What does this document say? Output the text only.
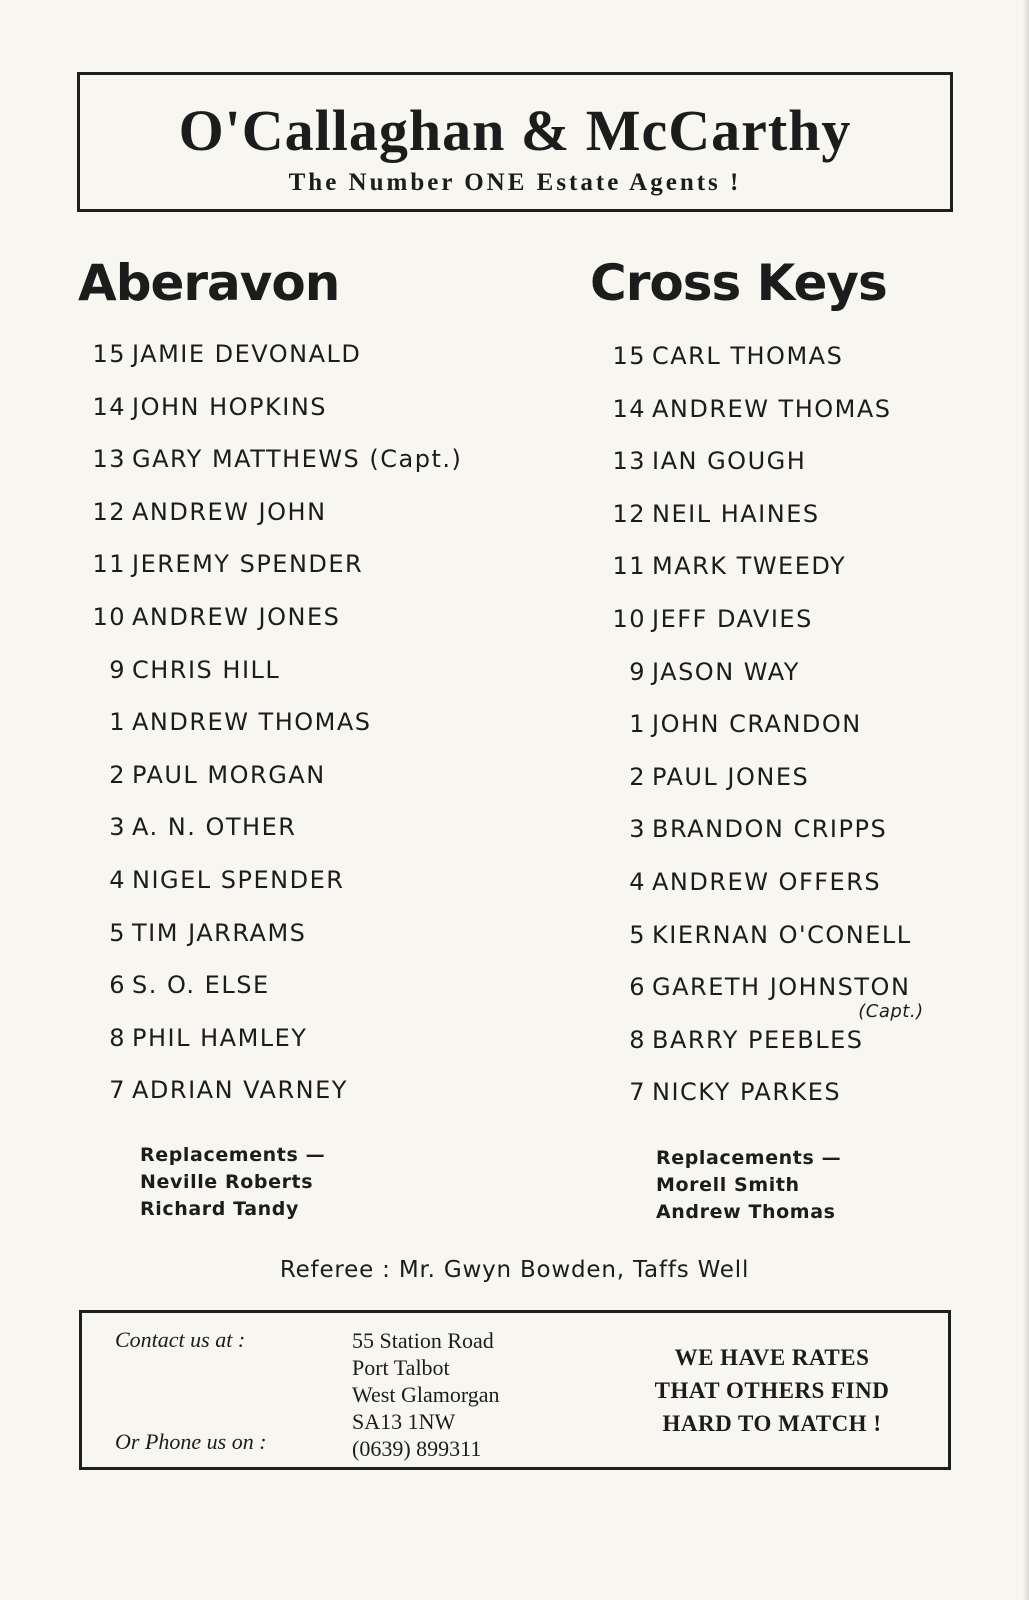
O'Callaghan & McCarthy
The Number ONE Estate Agents !
Aberavon	Cross Keys
15 JAMIE DEVONALD
14 JOHN HOPKINS
13 GARY MATTHEWS (Capt.)
12 ANDREW JOHN
11 JEREMY SPENDER
10 ANDREW JONES
9 CHRIS HILL
1 ANDREW THOMAS
2 PAUL MORGAN
3 A. N. OTHER
4 NIGEL SPENDER
5 TIM JARRAMS
6 S. O. ELSE
8 PHIL HAMLEY
7 ADRIAN VARNEY
15 CARL THOMAS
14 ANDREW THOMAS
13 IAN GOUGH
12 NEIL HAINES
11 MARK TWEEDY
10 JEFF DAVIES
9 JASON WAY
1 JOHN CRANDON
2 PAUL JONES
3 BRANDON CRIPPS
4 ANDREW OFFERS
5 KIERNAN O'CONELL
6 GARETH JOHNSTON
(Capt.)
8 BARRY PEEBLES
7 NICKY PARKES
Replacements —
Neville Roberts
Richard Tandy
Replacements —
Morell Smith
Andrew Thomas
Referee : Mr. Gwyn Bowden, Taffs Well
Contact us at :
Or Phone us on :
55 Station Road
Port Talbot
West Glamorgan
SA13 1NW
(0639) 899311
WE HAVE RATES
THAT OTHERS FIND
HARD TO MATCH !
